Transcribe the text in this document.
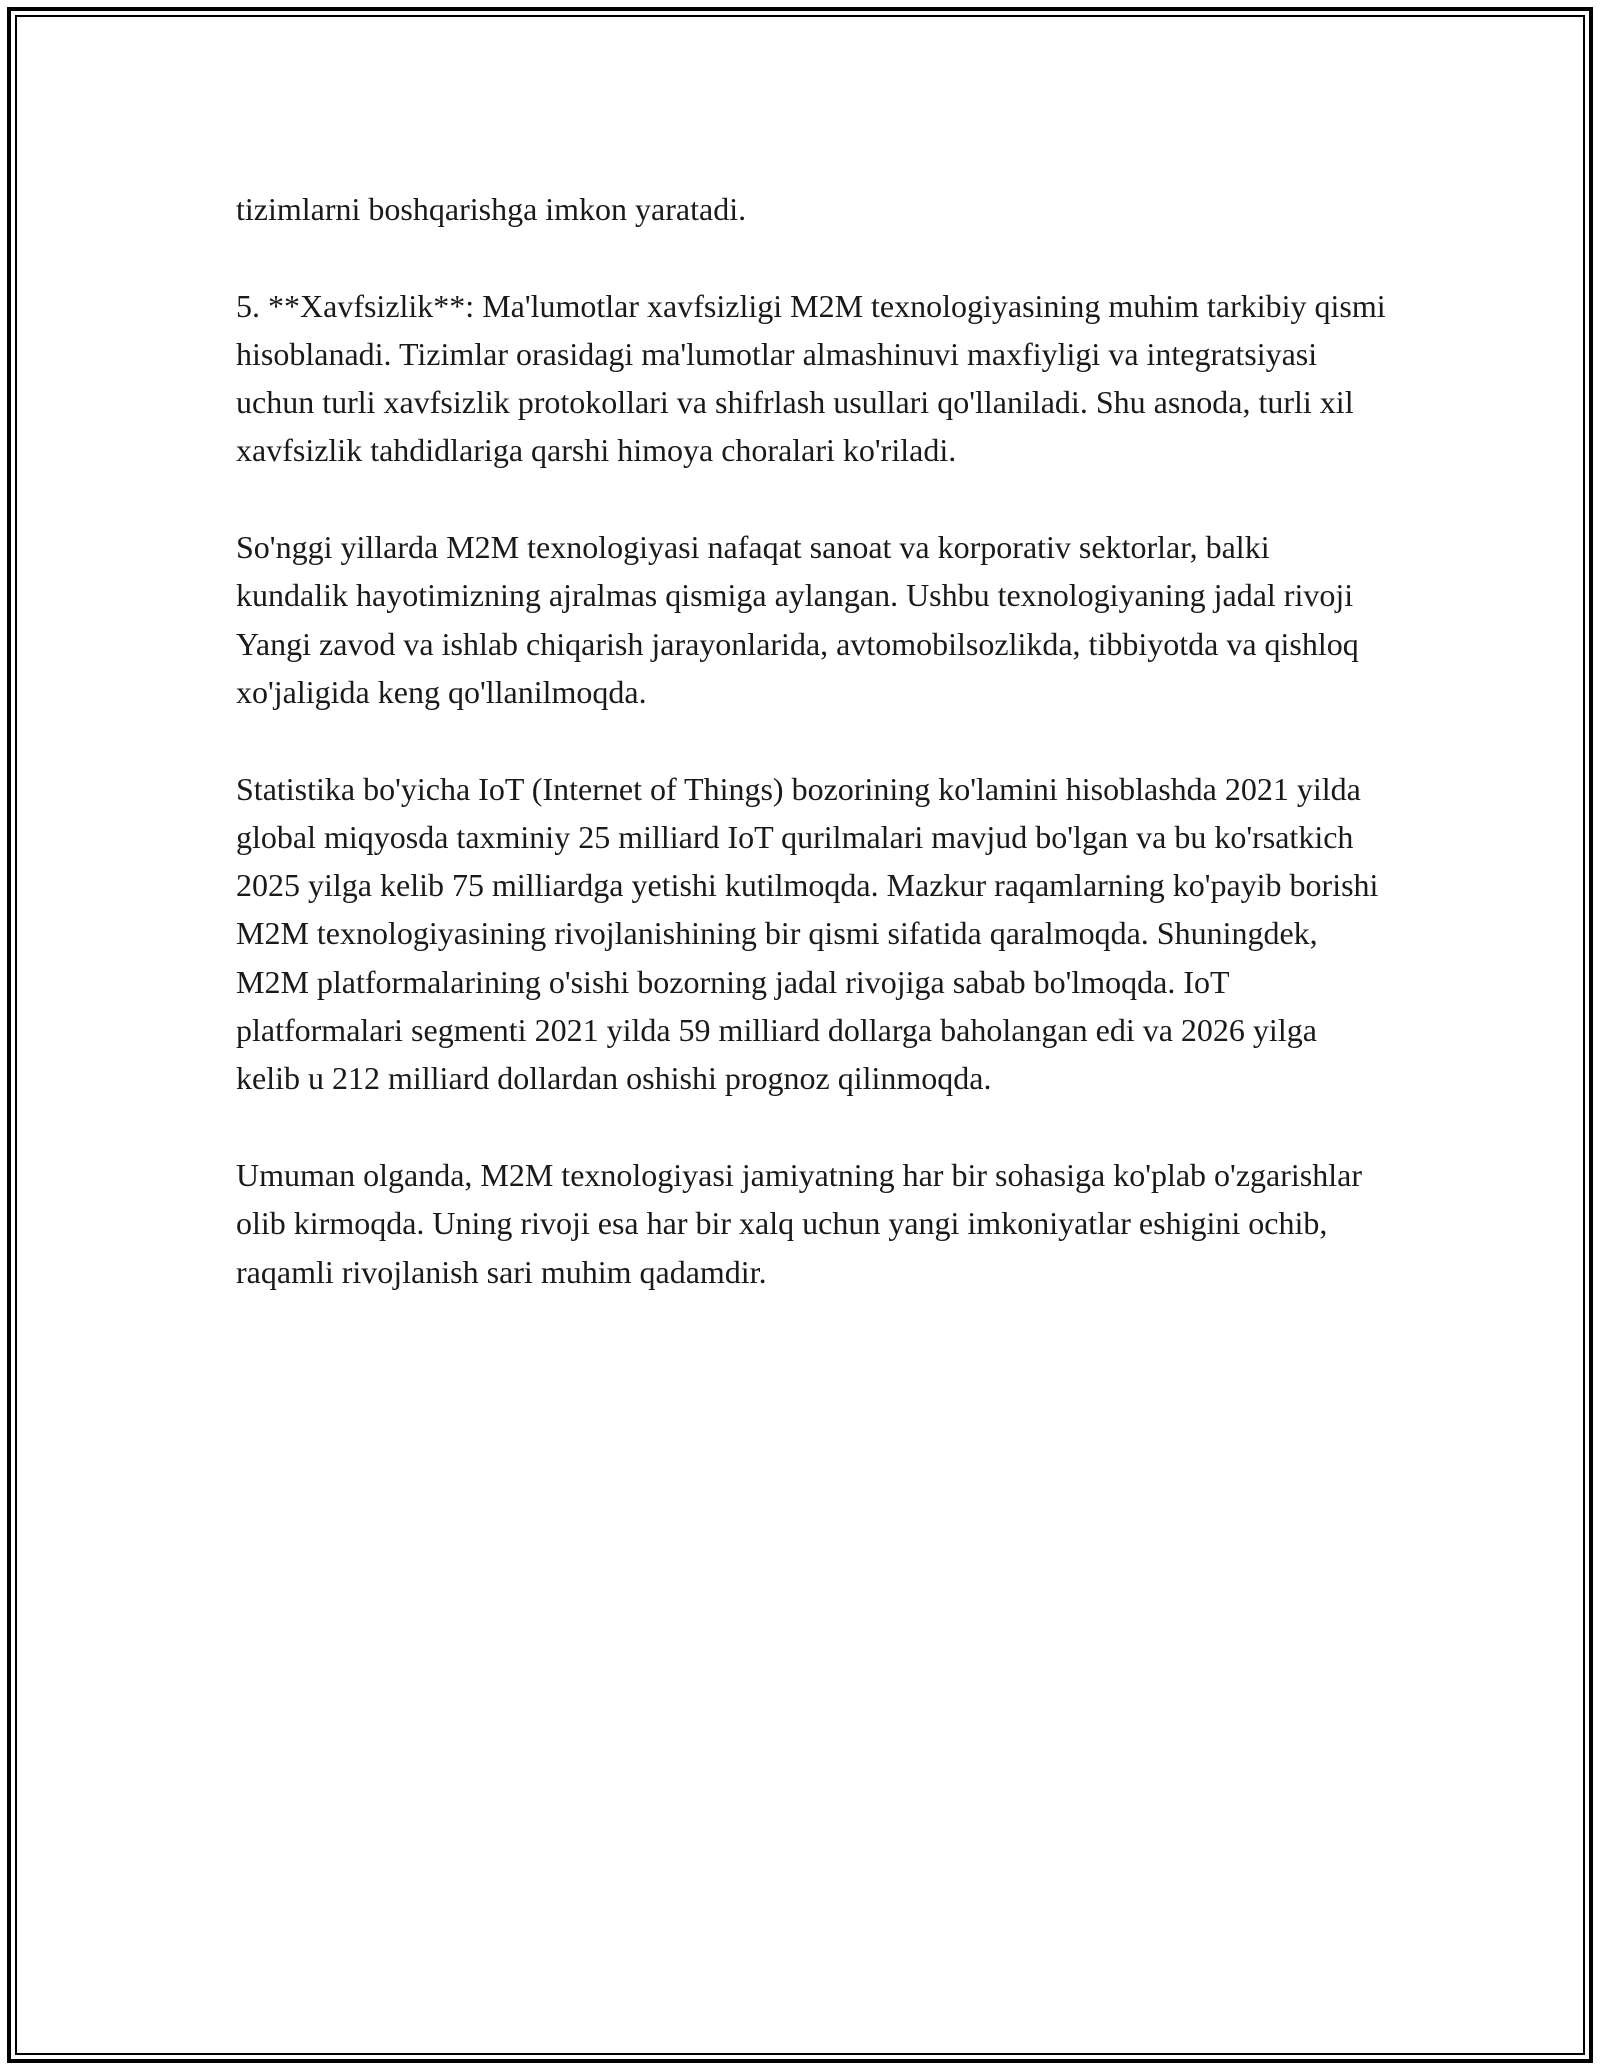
tizimlarni boshqarishga imkon yaratadi.

5. **Xavfsizlik**: Ma'lumotlar xavfsizligi M2M texnologiyasining muhim tarkibiy qismi hisoblanadi. Tizimlar orasidagi ma'lumotlar almashinuvi maxfiyligi va integratsiyasi uchun turli xavfsizlik protokollari va shifrlash usullari qo'llaniladi. Shu asnoda, turli xil xavfsizlik tahdidlariga qarshi himoya choralari ko'riladi.

So'nggi yillarda M2M texnologiyasi nafaqat sanoat va korporativ sektorlar, balki kundalik hayotimizning ajralmas qismiga aylangan. Ushbu texnologiyaning jadal rivoji Yangi zavod va ishlab chiqarish jarayonlarida, avtomobilsozlikda, tibbiyotda va qishloq xo'jaligida keng qo'llanilmoqda.

Statistika bo'yicha IoT (Internet of Things) bozorining ko'lamini hisoblashda 2021 yilda global miqyosda taxminiy 25 milliard IoT qurilmalari mavjud bo'lgan va bu ko'rsatkich 2025 yilga kelib 75 milliardga yetishi kutilmoqda. Mazkur raqamlarning ko'payib borishi M2M texnologiyasining rivojlanishining bir qismi sifatida qaralmoqda. Shuningdek, M2M platformalarining o'sishi bozorning jadal rivojiga sabab bo'lmoqda. IoT platformalari segmenti 2021 yilda 59 milliard dollarga baholangan edi va 2026 yilga kelib u 212 milliard dollardan oshishi prognoz qilinmoqda.

Umuman olganda, M2M texnologiyasi jamiyatning har bir sohasiga ko'plab o'zgarishlar olib kirmoqda. Uning rivoji esa har bir xalq uchun yangi imkoniyatlar eshigini ochib, raqamli rivojlanish sari muhim qadamdir.
